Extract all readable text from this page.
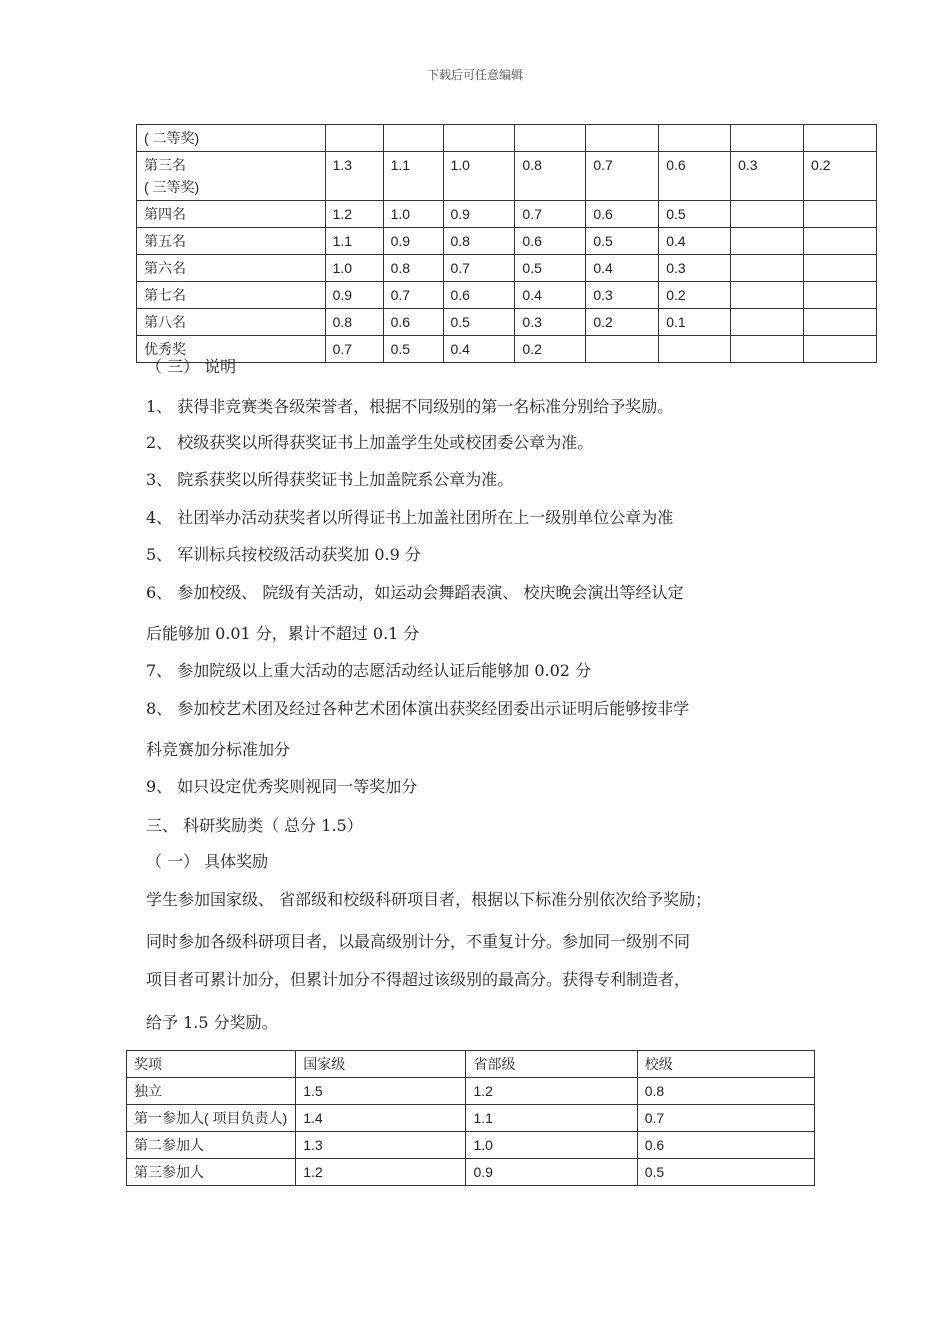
下载后可任意编辑
( 二等奖)								
第三名
( 三等奖)	1.3	1.1	1.0	0.8	0.7	0.6	0.3	0.2
第四名	1.2	1.0	0.9	0.7	0.6	0.5		
第五名	1.1	0.9	0.8	0.6	0.5	0.4		
第六名	1.0	0.8	0.7	0.5	0.4	0.3		
第七名	0.9	0.7	0.6	0.4	0.3	0.2		
第八名	0.8	0.6	0.5	0.3	0.2	0.1		
优秀奖	0.7	0.5	0.4	0.2				
（ 三） 说明
1、 获得非竞赛类各级荣誉者，根据不同级别的第一名标准分别给予奖励。
2、 校级获奖以所得获奖证书上加盖学生处或校团委公章为准。
3、 院系获奖以所得获奖证书上加盖院系公章为准。
4、 社团举办活动获奖者以所得证书上加盖社团所在上一级别单位公章为准
5、 军训标兵按校级活动获奖加 0.9 分
6、 参加校级、 院级有关活动，如运动会舞蹈表演、 校庆晚会演出等经认定
后能够加 0.01 分，累计不超过 0.1 分
7、 参加院级以上重大活动的志愿活动经认证后能够加 0.02 分
8、 参加校艺术团及经过各种艺术团体演出获奖经团委出示证明后能够按非学
科竞赛加分标准加分
9、 如只设定优秀奖则视同一等奖加分
三、 科研奖励类（ 总分 1.5）
（ 一） 具体奖励
学生参加国家级、 省部级和校级科研项目者，根据以下标准分别依次给予奖励；
同时参加各级科研项目者，以最高级别计分，不重复计分。参加同一级别不同
项目者可累计加分，但累计加分不得超过该级别的最高分。获得专利制造者，
给予 1.5 分奖励。
奖项	国家级	省部级	校级
独立	1.5	1.2	0.8
第一参加人( 项目负责人)	1.4	1.1	0.7
第二参加人	1.3	1.0	0.6
第三参加人	1.2	0.9	0.5
